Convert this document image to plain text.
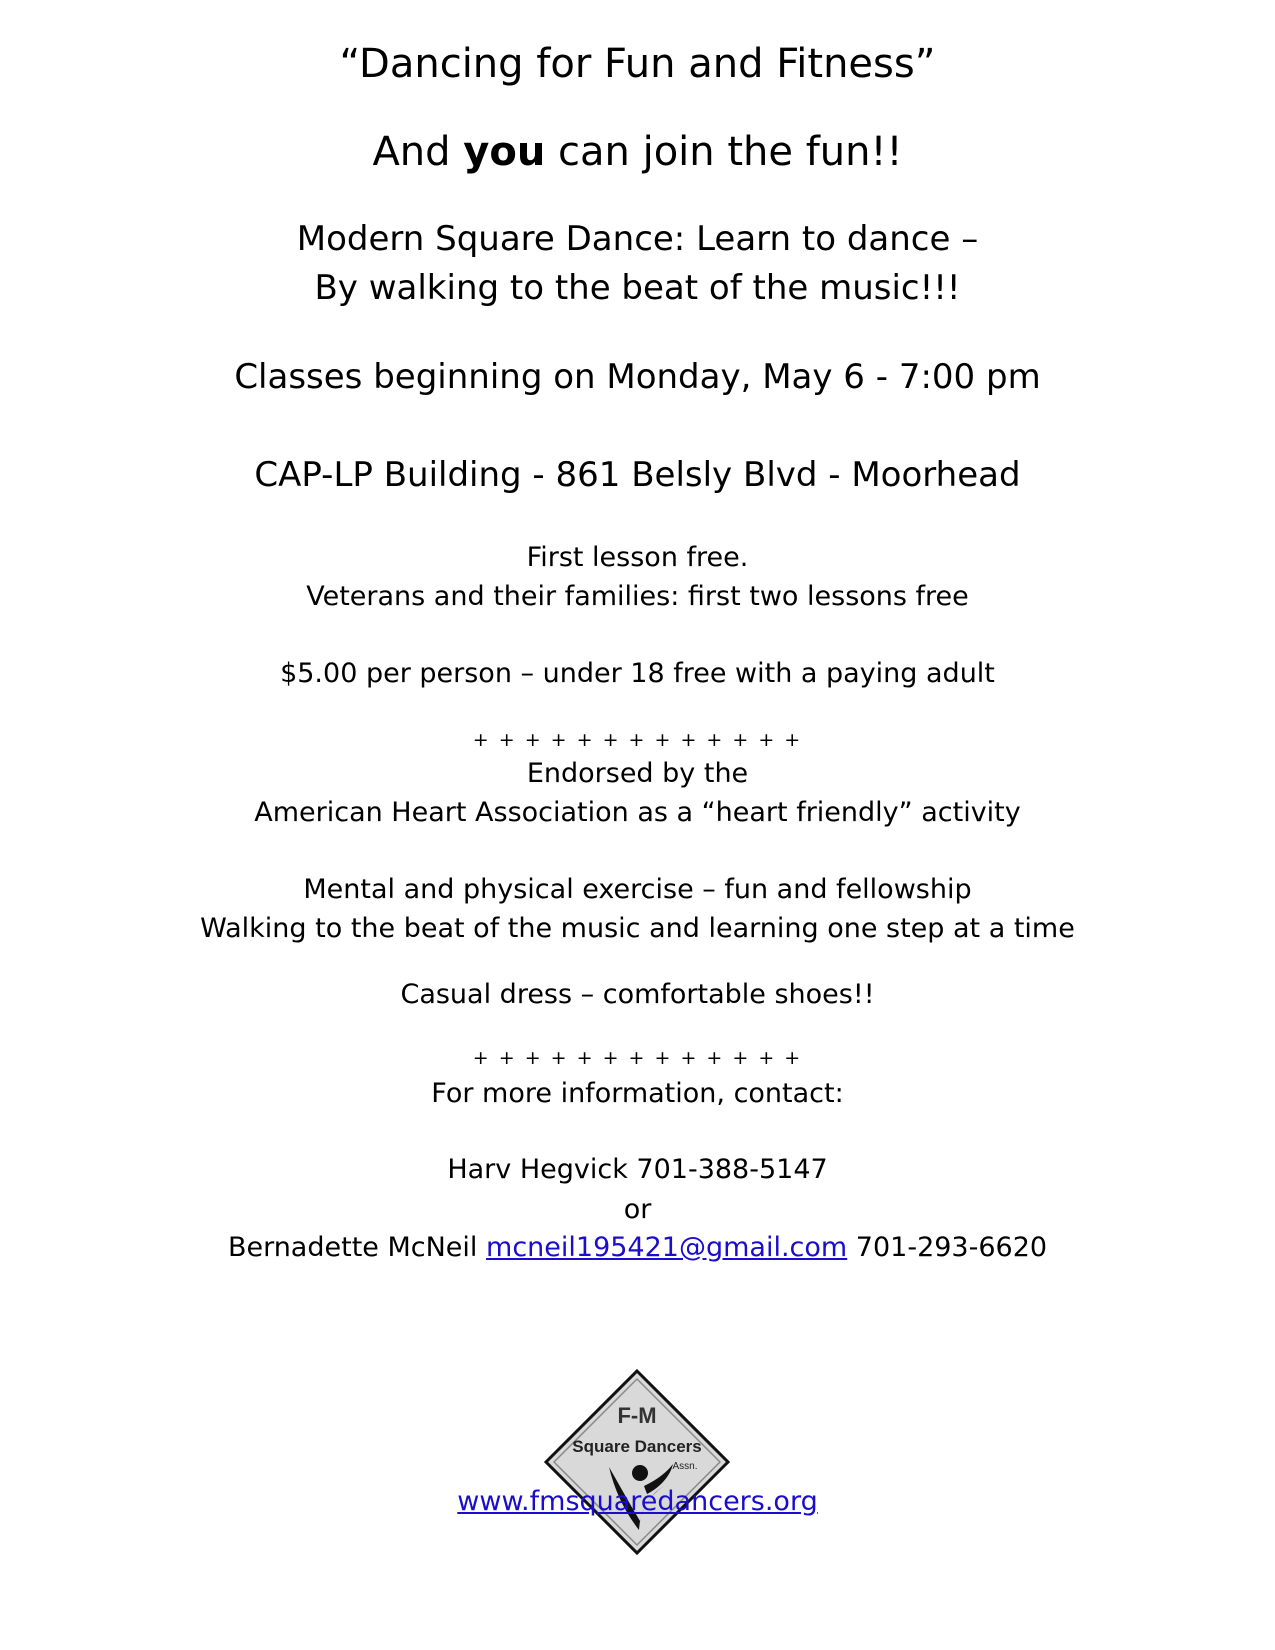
“Dancing for Fun and Fitness”
And you can join the fun!!
Modern Square Dance: Learn to dance –
By walking to the beat of the music!!!
Classes beginning on Monday, May 6 - 7:00 pm
CAP-LP Building - 861 Belsly Blvd - Moorhead
First lesson free.
Veterans and their families: first two lessons free
$5.00 per person – under 18 free with a paying adult
+ + + + + + + + + + + + +
Endorsed by the
American Heart Association as a “heart friendly” activity
Mental and physical exercise – fun and fellowship
Walking to the beat of the music and learning one step at a time
Casual dress – comfortable shoes!!
+ + + + + + + + + + + + +
For more information, contact:
Harv Hegvick 701-388-5147
or
Bernadette McNeil mcneil195421@gmail.com 701-293-6620
F-M
Square Dancers
Assn.
www.fmsquaredancers.org
